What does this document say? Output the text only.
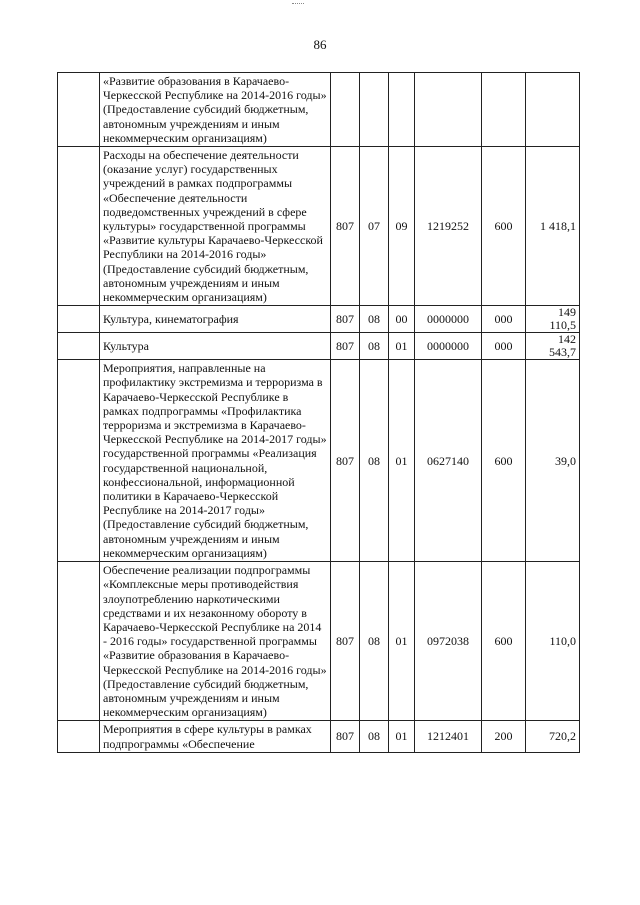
86
	«Развитие образования в Карачаево-Черкесской Республике на 2014-2016 годы» (Предоставление субсидий бюджетным, автономным учреждениям и иным некоммерческим организациям)						
	Расходы на обеспечение деятельности (оказание услуг) государственных учреждений в рамках подпрограммы «Обеспечение деятельности подведомственных учреждений в сфере культуры» государственной программы «Развитие культуры Карачаево-Черкесской Республики на 2014-2016 годы» (Предоставление субсидий бюджетным, автономным учреждениям и иным некоммерческим организациям)	807	07	09	1219252	600	1 418,1
	Культура, кинематография	807	08	00	0000000	000	149 110,5
	Культура	807	08	01	0000000	000	142 543,7
	Мероприятия, направленные на профилактику экстремизма и терроризма в Карачаево-Черкесской Республике в рамках подпрограммы «Профилактика терроризма и экстремизма в Карачаево-Черкесской Республике на 2014-2017 годы» государственной программы «Реализация государственной национальной, конфессиональной, информационной политики в Карачаево-Черкесской Республике на 2014-2017 годы» (Предоставление субсидий бюджетным, автономным учреждениям и иным некоммерческим организациям)	807	08	01	0627140	600	39,0
	Обеспечение реализации подпрограммы «Комплексные меры противодействия злоупотреблению наркотическими средствами и их незаконному обороту в Карачаево-Черкесской Республике на 2014 - 2016 годы» государственной программы «Развитие образования в Карачаево-Черкесской Республике на 2014-2016 годы» (Предоставление субсидий бюджетным, автономным учреждениям и иным некоммерческим организациям)	807	08	01	0972038	600	110,0
	Мероприятия в сфере культуры в рамках подпрограммы «Обеспечение	807	08	01	1212401	200	720,2
